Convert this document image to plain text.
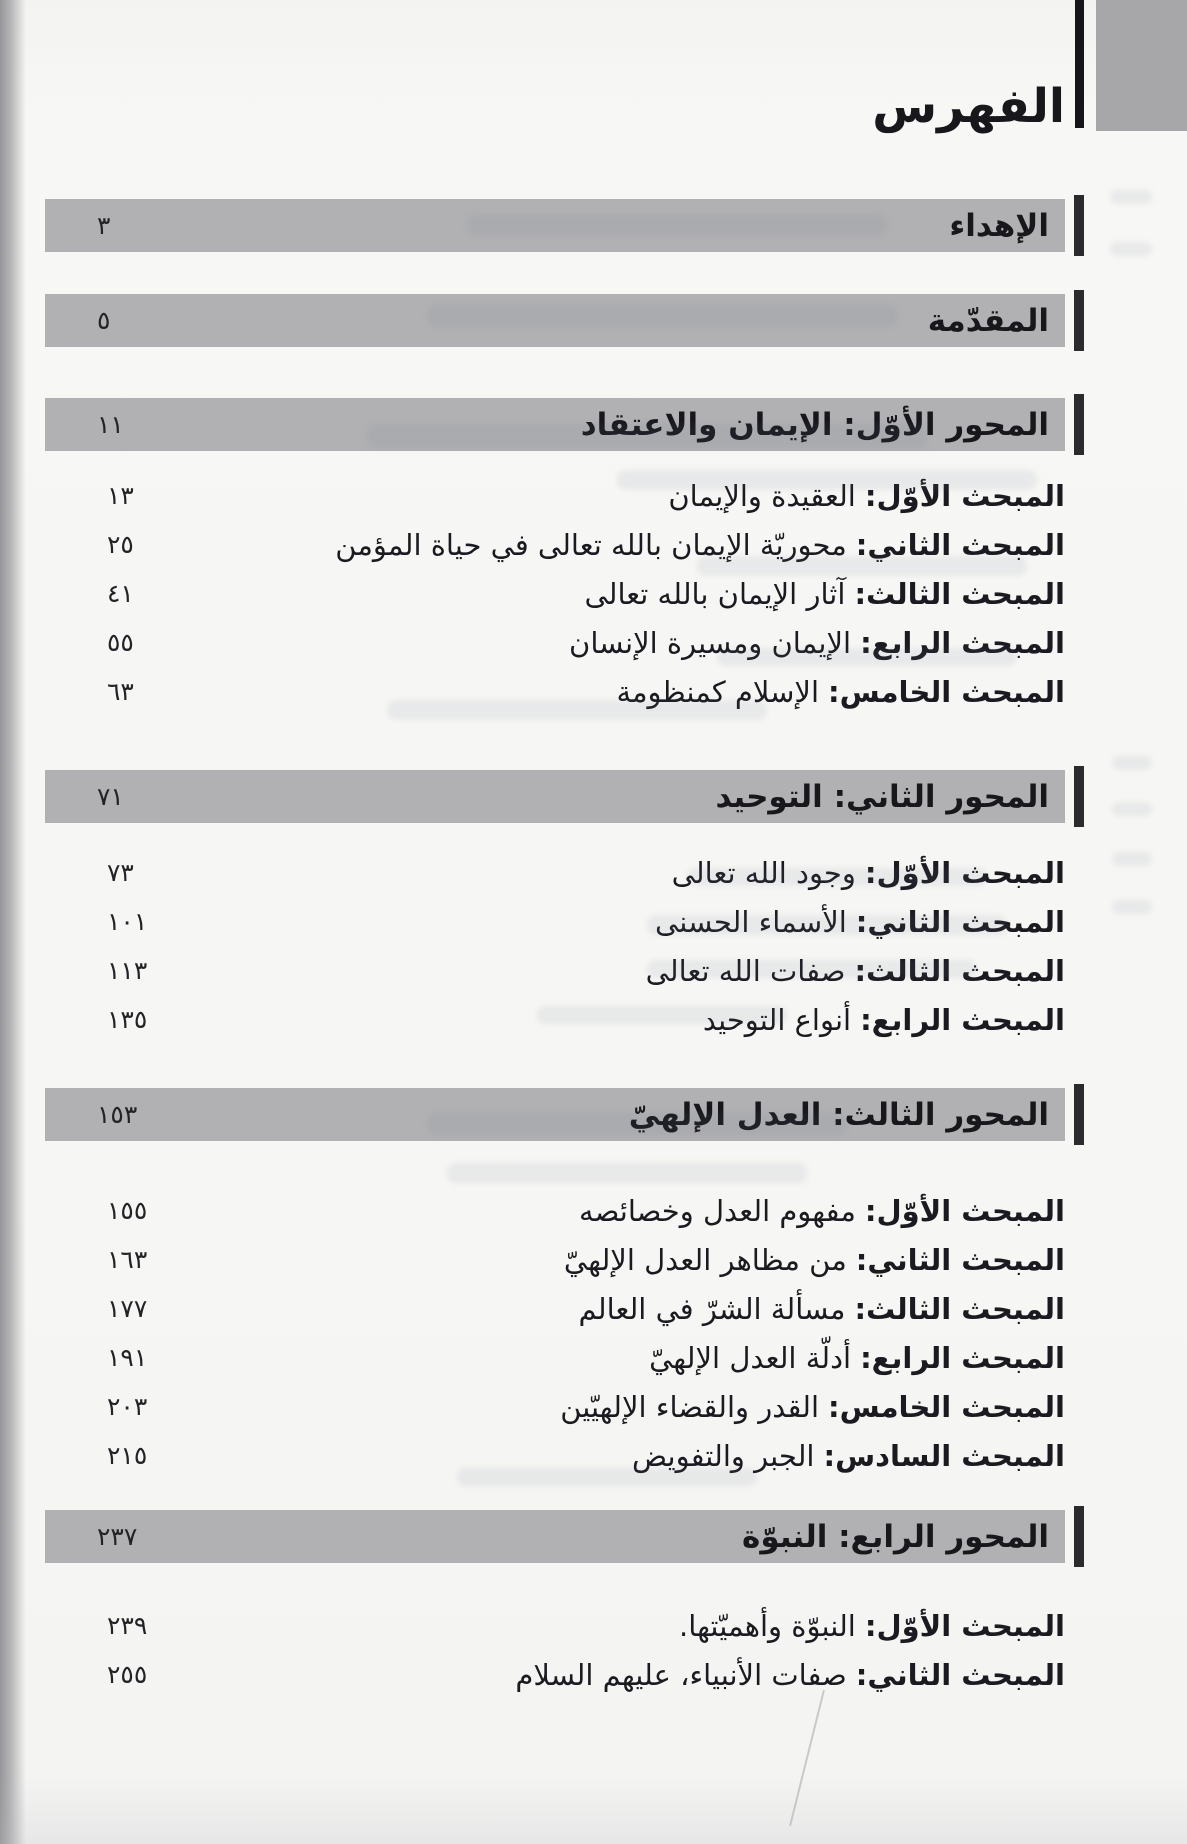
الفهرس
الإهداء
٣
المقدّمة
٥
المحور الأوّل: الإيمان والاعتقاد
١١
المبحث الأوّل:العقيدة والإيمان
١٣
المبحث الثاني:محوريّة الإيمان بالله تعالى في حياة المؤمن
٢٥
المبحث الثالث:آثار الإيمان بالله تعالى
٤١
المبحث الرابع:الإيمان ومسيرة الإنسان
٥٥
المبحث الخامس:الإسلام كمنظومة
٦٣
المحور الثاني: التوحيد
٧١
المبحث الأوّل:وجود الله تعالى
٧٣
المبحث الثاني:الأسماء الحسنى
١٠١
المبحث الثالث:صفات الله تعالى
١١٣
المبحث الرابع:أنواع التوحيد
١٣٥
المحور الثالث: العدل الإلهيّ
١٥٣
المبحث الأوّل:مفهوم العدل وخصائصه
١٥٥
المبحث الثاني:من مظاهر العدل الإلهيّ
١٦٣
المبحث الثالث:مسألة الشرّ في العالم
١٧٧
المبحث الرابع:أدلّة العدل الإلهيّ
١٩١
المبحث الخامس:القدر والقضاء الإلهيّين
٢٠٣
المبحث السادس:الجبر والتفويض
٢١٥
المحور الرابع: النبوّة
٢٣٧
المبحث الأوّل:النبوّة وأهميّتها.
٢٣٩
المبحث الثاني:صفات الأنبياء، عليهم السلام
٢٥٥
